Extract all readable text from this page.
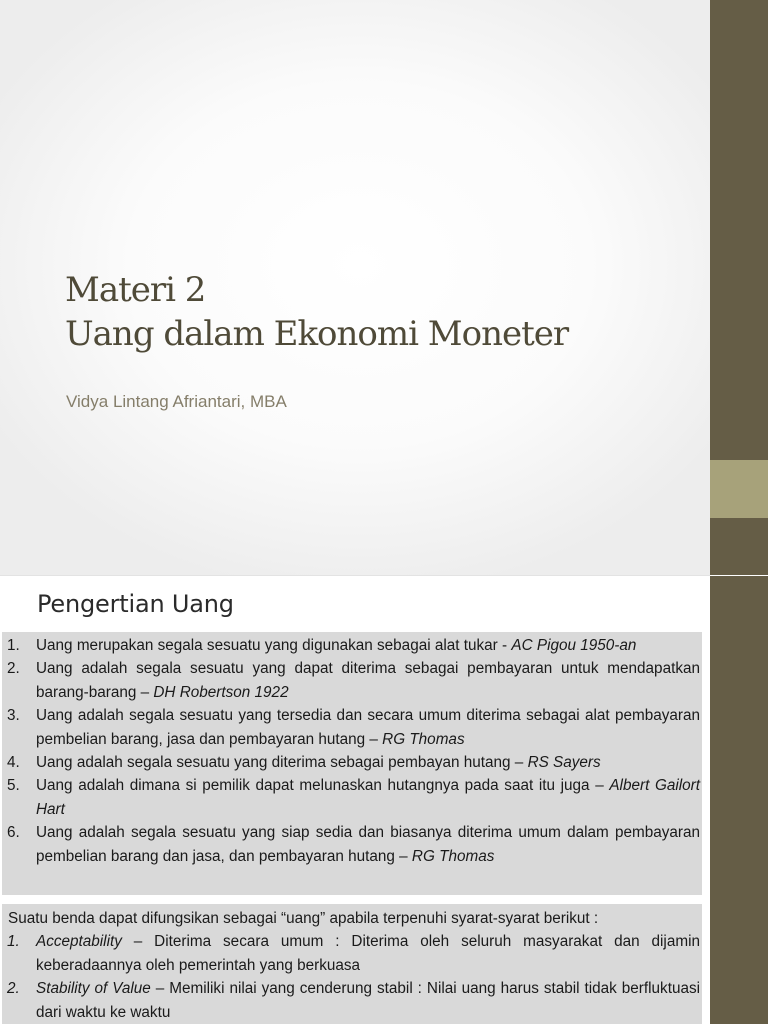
Materi 2
Uang dalam Ekonomi Moneter
Vidya Lintang Afriantari, MBA
Pengertian Uang
1. Uang merupakan segala sesuatu yang digunakan sebagai alat tukar - AC Pigou 1950-an
2. Uang adalah segala sesuatu yang dapat diterima sebagai pembayaran untuk mendapatkan barang-barang – DH Robertson 1922
3. Uang adalah segala sesuatu yang tersedia dan secara umum diterima sebagai alat pembayaran pembelian barang, jasa dan pembayaran hutang – RG Thomas
4. Uang adalah segala sesuatu yang diterima sebagai pembayan hutang – RS Sayers
5. Uang adalah dimana si pemilik dapat melunaskan hutangnya pada saat itu juga – Albert Gailort Hart
6. Uang adalah segala sesuatu yang siap sedia dan biasanya diterima umum dalam pembayaran pembelian barang dan jasa, dan pembayaran hutang – RG Thomas
Suatu benda dapat difungsikan sebagai “uang” apabila terpenuhi syarat-syarat berikut :
1. Acceptability – Diterima secara umum : Diterima oleh seluruh masyarakat dan dijamin keberadaannya oleh pemerintah yang berkuasa
2. Stability of Value – Memiliki nilai yang cenderung stabil : Nilai uang harus stabil tidak berfluktuasi dari waktu ke waktu
